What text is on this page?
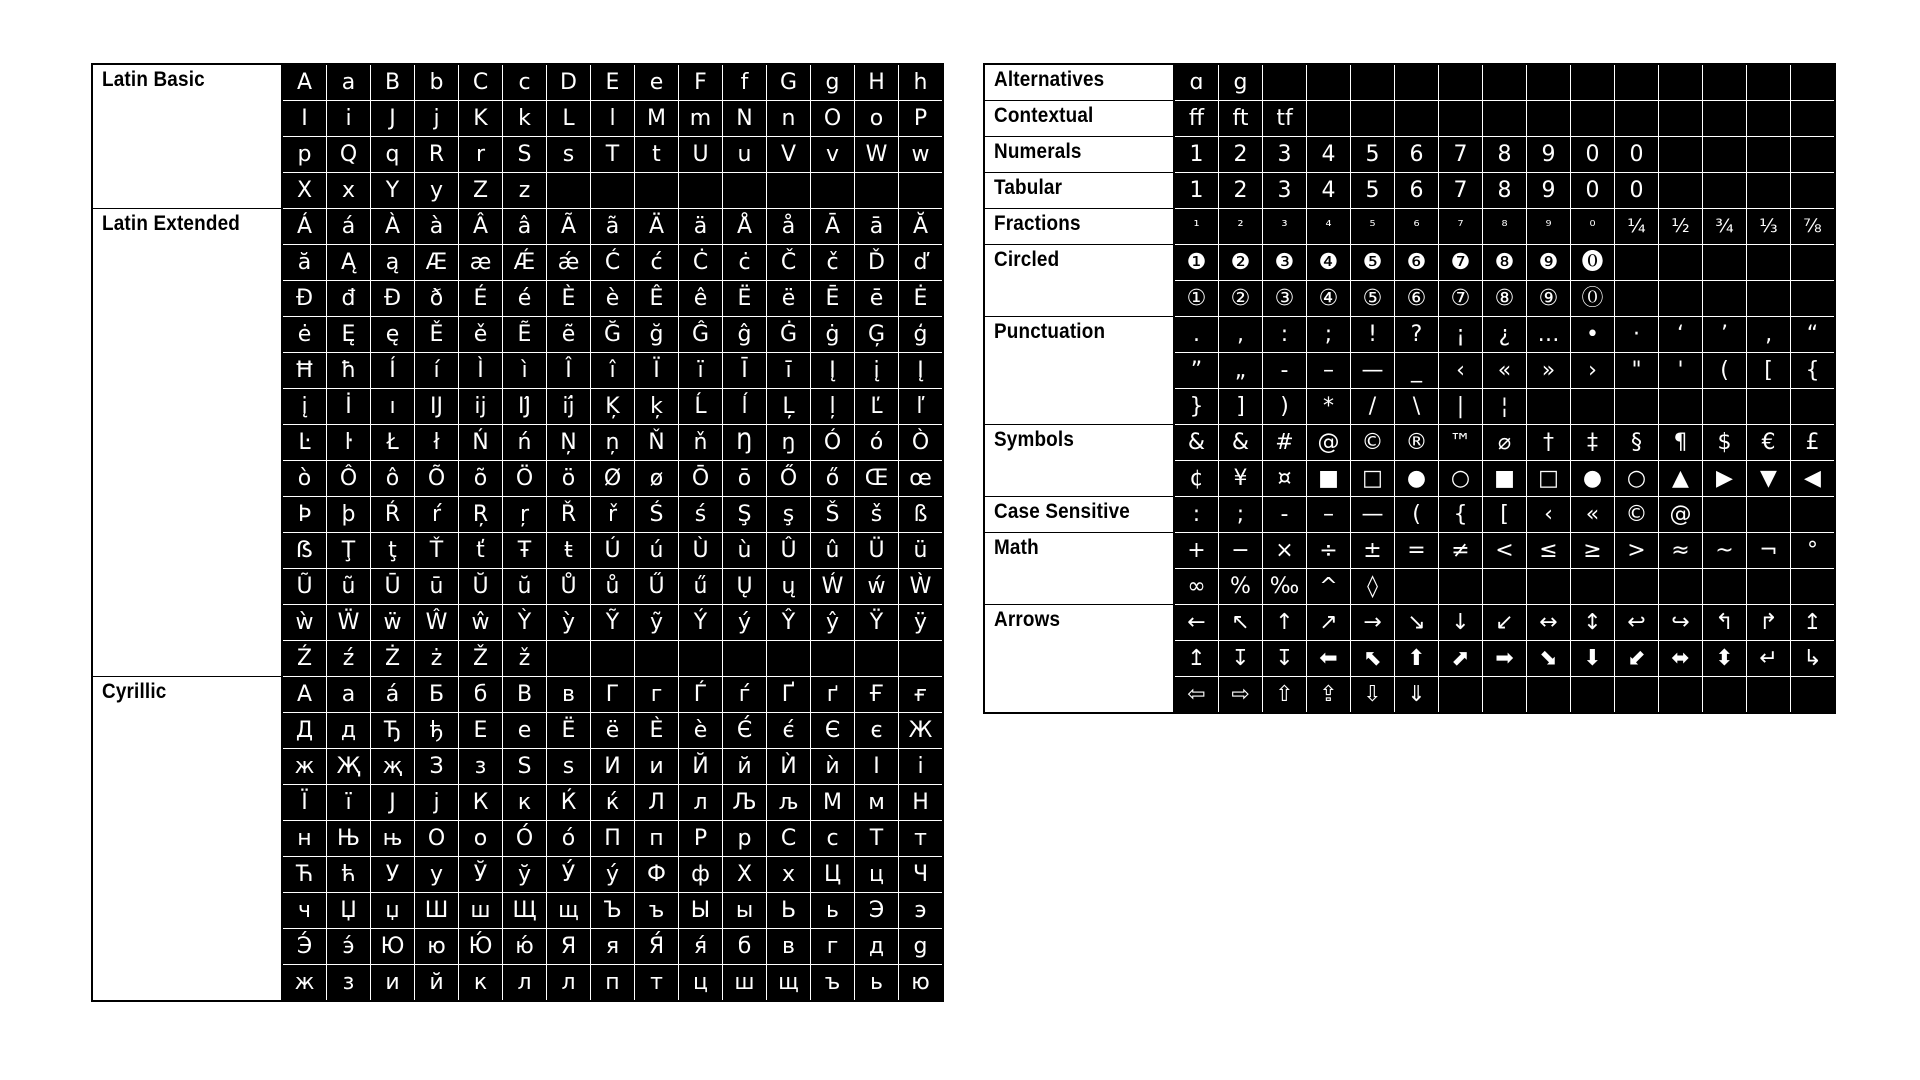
Latin Basic	A	a	B	b	C	c	D	E	e	F	f	G	g	H	h
	I	i	J	j	K	k	L	l	M	m	N	n	O	o	P
	p	Q	q	R	r	S	s	T	t	U	u	V	v	W	w
	X	x	Y	y	Z	z									

Latin Extended	Á	á	À	à	Â	â	Ã	ã	Ä	ä	Å	å	Ā	ā	Ă
	ă	Ą	ą	Æ	æ	Ǽ	ǽ	Ć	ć	Ċ	ċ	Č	č	Ď	ď
	Đ	đ	Ð	ð	É	é	È	è	Ê	ê	Ë	ë	Ē	ē	Ė
	ė	Ę	ę	Ě	ě	Ẽ	ẽ	Ğ	ğ	Ĝ	ĝ	Ġ	ġ	Ģ	ģ
	Ħ	ħ	Í	í	Ì	ì	Î	î	Ï	ï	Ī	ī	Į	į	Į
	į	İ	ı	Ĳ	ĳ	Ĳ́	ĳ́	Ķ	ķ	Ĺ	ĺ	Ļ	ļ	Ľ	ľ
	Ŀ	ŀ	Ł	ł	Ń	ń	Ņ	ņ	Ň	ň	Ŋ	ŋ	Ó	ó	Ò
	ò	Ô	ô	Õ	õ	Ö	ö	Ø	ø	Ō	ō	Ő	ő	Œ	œ
	Þ	þ	Ŕ	ŕ	Ŗ	ŗ	Ř	ř	Ś	ś	Ş	ş	Š	š	ß
	ẞ	Ţ	ţ	Ť	ť	Ŧ	ŧ	Ú	ú	Ù	ù	Û	û	Ü	ü
	Ũ	ũ	Ū	ū	Ŭ	ŭ	Ů	ů	Ű	ű	Ų	ų	Ẃ	ẃ	Ẁ
	ẁ	Ẅ	ẅ	Ŵ	ŵ	Ỳ	ỳ	Ỹ	ỹ	Ý	ý	Ŷ	ŷ	Ÿ	ÿ
	Ź	ź	Ż	ż	Ž	ž									

Cyrillic	А	а	á	Б	б	В	в	Г	г	Ѓ	ѓ	Ґ	ґ	Ғ	ғ
	Д	д	Ђ	ђ	Е	е	Ё	ё	Ѐ	ѐ	Є́	є́	Є	є	Ж
	ж	Җ	җ	З	з	Ѕ	ѕ	И	и	Й	й	Ѝ	ѝ	І	і
	Ї	ї	Ј	ј	К	к	Ќ	ќ	Л	л	Љ	љ	М	м	Н
	н	Њ	њ	О	о	О́	о́	П	п	Р	р	С	с	Т	т
	Ћ	ћ	У	у	Ў	ў	У́	у́	Ф	ф	Х	х	Ц	ц	Ч
	ч	Џ	џ	Ш	ш	Щ	щ	Ъ	ъ	Ы	ы	Ь	ь	Э	э
	Э́	э́	Ю	ю	Ю́	ю́	Я	я	Я́	я́	б	в	г	д	g
	ж	з	и	й	к	л	л	п	т	ц	ш	щ	ъ	ь	ю
Alternatives	ɑ	g													

Contextual	ff	ft	tf												

Numerals	1	2	3	4	5	6	7	8	9	0	0				

Tabular	1	2	3	4	5	6	7	8	9	0	0				

Fractions	¹	²	³	⁴	⁵	⁶	⁷	⁸	⁹	⁰	¼	½	¾	⅓	⅞

Circled	❶	❷	❸	❹	❺	❻	❼	❽	❾	⓿					
	①	②	③	④	⑤	⑥	⑦	⑧	⑨	⓪					

Punctuation	.	,	:	;	!	?	¡	¿	…	•	·	‘	’	‚	“
	”	„	-	–	—	_	‹	«	»	›	"	'	(	[	{
	}	]	)	*	/	\	|	¦							

Symbols	&	&	#	@	©	®	™	⌀	†	‡	§	¶	$	€	£
	¢	¥	¤	■	□	●	○	■	□	●	○	▲	▶	▼	◀

Case Sensitive	:	;	-	–	—	(	{	[	‹	«	©	@			

Math	+	−	×	÷	±	=	≠	<	≤	≥	>	≈	~	¬	°
	∞	%	‰	^	◊										

Arrows	←	↖	↑	↗	→	↘	↓	↙	↔	↕	↩	↪	↰	↱	↥
	↥	↧	↧	⬅	⬉	⬆	⬈	➡	⬊	⬇	⬋	⬌	⬍	↵	↳
	⇦	⇨	⇧	⇪	⇩	⇓									
